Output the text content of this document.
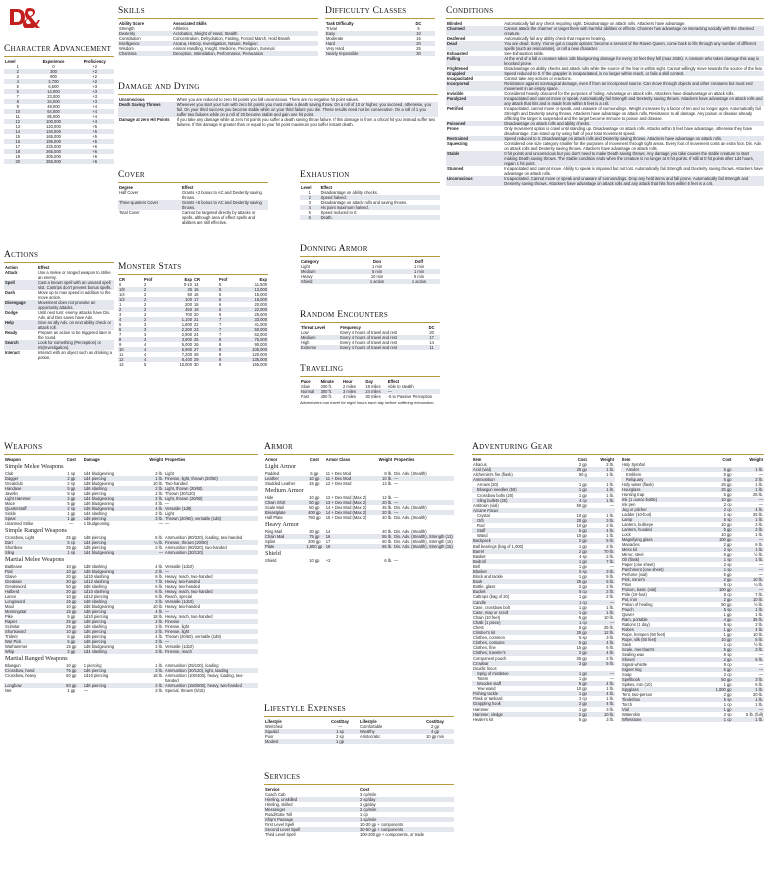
Character Advancement
Level	Experience	Proficiency
1	0	+2
2	300	+2
3	900	+2
4	2,700	+2
5	6,500	+3
6	14,000	+3
7	23,000	+3
8	34,000	+3
9	48,000	+4
10	64,000	+4
11	85,000	+4
12	100,000	+4
13	120,000	+5
14	140,000	+5
15	165,000	+5
16	195,000	+5
17	225,000	+6
18	265,000	+6
19	305,000	+6
20	355,000	+6
Actions
Action	Effect
Attack	Use a melee or ranged weapon to strike an enemy.
Spell	Cast a known spell with an unused spell slot. Cantrips don't prevent bonus spells.
Dash	Move up to max speed in addition to the move action.
Disengage	Movement does not provoke an opportunity attacks.
Dodge	Until next turn: enemy attacks have Dis. Adv. and Dex saves have Adv.
Help	Give an ally Adv. on next ability check or attack roll.
Ready	Prepare an action to be triggered later in the round.
Search	Look for something (Perception) or Int(Investigation).
Interact	Interact with an object such as drinking a potion.
Skills
Ability Score	Associated Skills
Strength	Athletics
Dexterity	Acrobatics, Sleight of Hand, Stealth
Constitution	Concentration, Dehydration, Fasting, Forced March, Hold Breath
Intelligence	Arcana, History, Investigation, Nature, Religion
Wisdom	Animal Handling, Insight, Medicine, Perception, Survival
Charisma	Deception, Intimidation, Performance, Persuasion
Difficulty Classes
Task Difficulty	DC
Trivial	5
Easy	10
Moderate	15
Hard	20
Very Hard	25
Nearly Impossible	30
Damage and Dying
Unconscious	When you are reduced to zero hit points you fall unconscious. There are no negative hit point values.
Death Saving Throws	Whenever you start your turn with zero hit points you must make a death saving throw. On a roll of 10 or higher, you succeed, otherwise, you fail. On your third success you become stable while on your third failure you die. These results need not be consecutive. On a roll of 1 you suffer two failures while on a roll of 20 become stable and gain one hit point.
Damage at zero Hit Points	If you take any damage while at zero hit points you suffer a death saving throw failure. If this damage is from a critical hit you instead suffer two failures. If this damage is greater than or equal to your hit point maximum you suffer instant death.
Cover
Degree	Effect
Half Cover	Grants +2 bonus to AC and Dexterity saving throws.
Three-quarters Cover	Grants +5 bonus to AC and Dexterity saving throws.
Total Cover	Cannot be targeted directly by attacks or spells, although area of effect spells and abilities are still effective.
Monster Stats
CR	Prof	Exp	CR	Prof	Exp
0	2	0-10	14	5	11,500
1/8	2	25	15	5	13,000
1/4	2	50	16	5	15,000
1/2	2	100	17	6	18,000
1	2	200	18	6	20,000
2	2	450	19	6	22,000
3	2	700	20	6	25,000
4	2	1,100	21	7	33,000
5	3	1,800	22	7	41,000
6	3	2,300	23	7	50,000
7	3	2,900	24	7	62,000
8	3	3,900	25	8	75,000
9	4	5,000	26	8	90,000
10	4	5,900	27	8	105,000
11	4	7,200	28	8	120,000
12	4	8,400	29	9	135,000
13	5	10,000	30	9	155,000
Exhaustion
Level	Effect
1	Disadvantage on ability checks.
2	Speed halved.
3	Disadvantage on attack rolls and saving throws.
4	Hit point maximum halved.
5	Speed reduced to 0.
6	Death.
Donning Armor
Category	Don	Doff
Light	1 min	1 min
Medium	5 min	1 min
Heavy	10 min	5 min
Shield	1 action	1 action
Random Encounters
Threat Level	Frequency	DC
Low	Every 4 hours of travel and rest	20
Medium	Every 4 hours of travel and rest	17
High	Every 4 hours of travel and rest	14
Extreme	Every 4 hours of travel and rest	11
Traveling
Pace	Minute	Hour	Day	Effect
Slow	200 ft.	2 miles	18 miles	Able to stealth
Normal	300 ft.	3 miles	24 miles	—
Fast	400 ft.	4 miles	30 miles	-5 to Passive Perception
Adventurers can travel for eight hours each day before suffering exhaustion.
Conditions
Blinded	Automatically fail any check requiring sight. Disadvantage on attack rolls. Attackers have advantage.
Charmed	Cannot attack the charmer or target them with harmful abilities or effects. Charmer has advantage on interacting socially with the charmed creature.
Deafened	Automatically fail any ability check that requires hearing.
Dead	You are dead. Sorry. You've got a couple options: become a servant of the Raven Queen, come back to life through any number of different spells (such as reincarnate), or roll a new character.
Exhausted	See Exhaustion table.
Falling	At the end of a fall a creature takes 1d6 bludgeoning damage for every 10 feet they fell (max 20d6). A creature who takes damage this way is knocked prone.
Frightened	Disadvantage on ability checks and attack rolls while the source of the fear is within sight. Cannot willingly move towards the source of the fear.
Grappled	Speed reduced to 0. If the grappler is incapacitated, is no longer within reach, or fails a skill contest.
Incapacitated	Cannot take any actions or reactions.
Incorporeal	Resistance against nonmagical damage, even if from an incorporeal source. Can move through objects and other creatures but must end movement in an empty space.
Invisible	Considered heavily obscured for the purposes of hiding. Advantage on attack rolls. Attackers have disadvantage on attack rolls.
Paralyzed	Incapacitated and cannot move or speak. Automatically fail Strength and Dexterity saving throws. Attackers have advantage on attack rolls and any attack that hits and is made from within 5 feet is a crit.
Petrified	Incapacitated, cannot move or speak, and unaware of surroundings. Weight increases by a factor of ten and no longer ages. Automatically fail Strength and Dexterity saving throws. Attackers have advantage on attack rolls. Resistance to all damage. Any poison or disease already afflicting the target is suspended and the target become immune to poison and disease.
Poisoned	Disadvantage on attack rolls and ability checks.
Prone	Only movement option is crawl until standing up. Disadvantage on attack rolls. Attacks within 5 feet have advantage, otherwise they have disadvantage. Can stand up by using half of your total movement speed.
Restrained	Speed reduced to 0. Disadvantage on attack rolls and Dexterity saving throws. Attackers have advantage on attack rolls.
Squeezing	Considered one size category smaller for the purposes of movement through tight areas. Every foot of movement costs an extra foot. Dis. Adv. on attack rolls and Dexterity saving throws. Attackers have advantage on attack rolls.
Stable	0 hit points and unconscious but you don't need to make Death saving throws. Any damage you take causes the stable creature to start making Death saving throws. The Stable condition ends when the creature is no longer at 0 hit points. If still at 0 hit points after 1d4 hours, regain 1 hit point.
Stunned	Incapacitated and cannot move. Ability to speak is impaired but not lost. Automatically fail Strength and Dexterity saving throws. Attackers have advantage on attack rolls.
Unconscious	Incapacitated. Cannot move or speak and unaware of surroundings. Drop any held items and fall prone. Automatically fail Strength and Dexterity saving throws. Attackers have advantage on attack rolls and any attack that hits from within 5 feet is a crit.
Weapons
Weapon	Cost	Damage	Weight	Properties
Simple Melee Weapons				
Club	1 sp	1d4 bludgeoning	2 lb.	Light
Dagger	2 gp	1d4 piercing	1 lb.	Finesse, light, thrown (20/60)
Greatclub	2 sp	1d8 bludgeoning	10 lb.	Two-handed
Handaxe	5 gp	1d6 slashing	2 lb.	Light, thrown (20/60)
Javelin	5 sp	1d6 piercing	2 lb.	Thrown (30/120)
Light Hammer	2 gp	1d4 bludgeoning	2 lb.	Light, thrown (20/60)
Mace	5 gp	1d6 bludgeoning	4 lb.	—
Quarterstaff	2 sp	1d6 bludgeoning	4 lb.	Versatile (1d8)
Sickle	1 gp	1d4 slashing	2 lb.	Light
Spear	1 gp	1d6 piercing	3 lb.	Thrown (20/60), versatile (1d8)
Unarmed Strike	—	1 bludgeoning	—	—
Simple Ranged Weapons				
Crossbow, Light	25 gp	1d8 piercing	5 lb.	Ammunition (80/320), loading, two-handed
Dart	5 cp	1d4 piercing	¼ lb.	Finesse, thrown (20/60)
Shortbow	25 gp	1d6 piercing	2 lb.	Ammunition (80/320), two-handed
Sling	1 sp	1d4 bludgeoning	—	Ammunition (30/120)
Martial Melee Weapons				
Battleaxe	10 gp	1d8 slashing	4 lb.	Versatile (1d10)
Flail	10 gp	1d8 bludgeoning	2 lb.	—
Glaive	20 gp	1d10 slashing	6 lb.	Heavy, reach, two-handed
Greataxe	30 gp	1d12 slashing	7 lb.	Heavy, two-handed
Greatsword	50 gp	2d6 slashing	6 lb.	Heavy, two-handed
Halberd	20 gp	1d10 slashing	6 lb.	Heavy, reach, two-handed
Lance	10 gp	1d12 piercing	6 lb.	Reach, special
Longsword	15 gp	1d8 slashing	3 lb.	Versatile (1d10)
Maul	10 gp	2d6 bludgeoning	10 lb.	Heavy, two-handed
Morningstar	15 gp	1d8 piercing	4 lb.	—
Pike	5 gp	1d10 piercing	18 lb.	Heavy, reach, two-handed
Rapier	25 gp	1d8 piercing	2 lb.	Finesse
Scimitar	25 gp	1d6 slashing	3 lb.	Finesse, light
Shortsword	10 gp	1d6 piercing	2 lb.	Finesse, light
Trident	5 gp	1d6 piercing	4 lb.	Thrown (20/60), versatile (1d8)
War Pick	5 gp	1d8 piercing	2 lb.	—
Warhammer	15 gp	1d8 bludgeoning	2 lb.	Versatile (1d10)
Whip	2 gp	1d4 slashing	3 lb.	Finesse, reach
Martial Ranged Weapons				
Blowgun	10 gp	1 piercing	1 lb.	Ammunition (25/100), loading
Crossbow, hand	75 gp	1d6 piercing	3 lb.	Ammunition (30/120), light, loading
Crossbow, heavy	50 gp	1d10 piercing	18 lb.	Ammunition (100/400), heavy, loading, two-handed
Longbow	50 gp	1d8 piercing	2 lb.	Ammunition (150/600), heavy, two-handed
Net	1 gp	—	3 lb.	Special, thrown (5/15)
Armor
Armor	Cost	Armor Class	Weight	Properties
Light Armor				
Padded	5 gp	11 + Dex Mod	8 lb.	Dis. Adv. (Stealth)
Leather	10 gp	11 + Dex Mod	10 lb.	—
Studded Leather	45 gp	12 + Dex Mod	13 lb.	—
Medium Armor				
Hide	10 gp	12 + Dex Mod (Max 2)	12 lb.	—
Chain Shirt	50 gp	13 + Dex Mod (Max 2)	20 lb.	—
Scale Mail	50 gp	14 + Dex Mod (Max 2)	45 lb.	Dis. Adv. (Stealth)
Breastplate	400 gp	14 + Dex Mod (Max 2)	20 lb.	—
Half Plate	750 gp	15 + Dex Mod (Max 2)	40 lb.	Dis. Adv. (Stealth)
Heavy Armor				
Ring Mail	30 gp	14	40 lb.	Dis. Adv. (Stealth)
Chain Mail	75 gp	16	55 lb.	Dis. Adv. (Stealth), Strength (13)
Splint	200 gp	17	60 lb.	Dis. Adv. (Stealth), Strength (15)
Plate	1,500 gp	18	65 lb.	Dis. Adv. (Stealth), Strength (15)
Shield				
Shield	10 gp	+2	6 lb.	—
Lifestyle Expenses
Lifestyle	Cost/Day	Lifestyle	Cost/Day
Wretched	—	Comfortable	2 gp
Squalid	1 sp	Wealthy	4 gp
Poor	2 sp	Aristocratic	10 gp min
Modest	1 gp		
Services
Service	Cost
Coach Cab	3 cp/mile
Hireling, unskilled	2 sp/day
Hireling, skilled	2 gp/day
Messenger	2 cp/mile
Road/Gate Toll	1 cp
Ship's Passage	1 sp/mile
First Level Spell	10-30 gp + components
Second Level Spell	30-50 gp + components
Third Level Spell	100-200 gp + components, or trade
Adventuring Gear
Item	Cost	Weight
Abacus	2 gp	2 lb.
Acid (vial)	25 gp	1 lb.
Alchemist's fire (flask)	50 g	1 lb.
Ammunition		
Arrows (20)	1 gp	1 lb.
Blowgun needles (50)	1 gp	1 lb.
Crossbow bolts (20)	1 gp	1 lb.
Sling bullets (20)	4 cp	1 lb.
Antitoxin (vial)	50 gp	—
Arcane Focus		
Crystal	10 gp	1 lb.
Orb	20 gp	3 lb.
Rod	10 gp	2 lb.
Staff	5 gp	4 lb.
Wand	10 gp	1 lb.
Backpack	2 gp	5 lb.
Ball bearings (bag of 1,000)	1 gp	2 lb.
Barrel	2 gp	70 lb.
Basket	4 sp	2 lb.
Bedroll	1 gp	7 lb.
Bell	1 gp	—
Blanket	5 sp	3 lb.
Block and tackle	1 gp	5 lb.
Book	25 gp	5 lb.
Bottle, glass	2 gp	2 lb.
Bucket	5 cp	2 lb.
Caltrops (bag of 20)	1 gp	2 lb.
Candle	1 cp	—
Case, crossbow bolt	1 gp	1 lb.
Case, map or scroll	1 gp	1 lb.
Chain (10 feet)	5 gp	10 lb.
Chalk (1 piece)	1 cp	—
Chest	5 gp	25 lb.
Climber's kit	25 gp	12 lb.
Clothes, common	5 sp	3 lb.
Clothes, costume	5 gp	4 lb.
Clothes, fine	15 gp	6 lb.
Clothes, traveler's	2 gp	4 lb.
Component pouch	25 gp	2 lb.
Crowbar	2 gp	5 lb.
Druidic focus		
Sprig of mistletoe	1 gp	—
Totem	1 gp	—
Wooden staff	5 gp	4 lb.
Yew wand	10 gp	1 lb.
Fishing tackle	1 gp	4 lb.
Flask or tankard	2 cp	1 lb.
Grappling hook	2 gp	4 lb.
Hammer	1 gp	3 lb.
Hammer, sledge	2 gp	10 lb.
Healer's kit	5 gp	3 lb.
Item	Cost	Weight
Holy Symbol		
Amulet	5 gp	1 lb.
Emblem	5 gp	—
Reliquary	5 gp	2 lb.
Holy water (flask)	25 gp	1 lb.
Hourglass	25 gp	1 lb.
Hunting trap	5 gp	25 lb.
Ink (1 ounce bottle)	10 gp	—
Ink pen	2 cp	—
Jug or pitcher	2 cp	4 lb.
Ladder (10-foot)	1 sp	25 lb.
Lamp	5 sp	1 lb.
Lantern, bullseye	10 gp	2 lb.
Lantern, hooded	5 gp	2 lb.
Lock	10 gp	1 lb.
Magnifying glass	100 gp	—
Manacles	2 gp	6 lb.
Mess kit	2 sp	1 lb.
Mirror, steel	5 gp	½ lb.
Oil (flask)	1 sp	1 lb.
Paper (one sheet)	2 sp	—
Parchment (one sheet)	1 sp	—
Perfume (vial)	5 gp	—
Pick, miner's	2 gp	10 lb.
Piton	5 cp	¼ lb.
Poison, basic (vial)	100 gp	—
Pole (10-foot)	5 cp	7 lb.
Pot, iron	2 gp	10 lb.
Potion of healing	50 gp	½ lb.
Pouch	5 sp	1 lb.
Quiver	1 gp	1 lb.
Ram, portable	4 gp	35 lb.
Rations (1 day)	5 sp	2 lb.
Robes	1 gp	4 lb.
Rope, hempen (50 feet)	1 gp	10 lb.
Rope, silk (50 feet)	10 gp	5 lb.
Sack	1 cp	½ lb.
Scale, merchant's	5 gp	3 lb.
Sealing wax	5 sp	—
Shovel	2 gp	5 lb.
Signal whistle	5 cp	—
Signet ring	5 gp	—
Soap	2 cp	—
Spellbook	50 gp	3 lb.
Spikes, iron (10)	1 gp	5 lb.
Spyglass	1,000 gp	1 lb.
Tent, two-person	2 gp	20 lb.
Tinderbox	5 sp	1 lb.
Torch	1 cp	1 lb.
Vial	1 gp	—
Waterskin	2 sp	5 lb. (full)
Whetstone	1 cp	1 lb.
